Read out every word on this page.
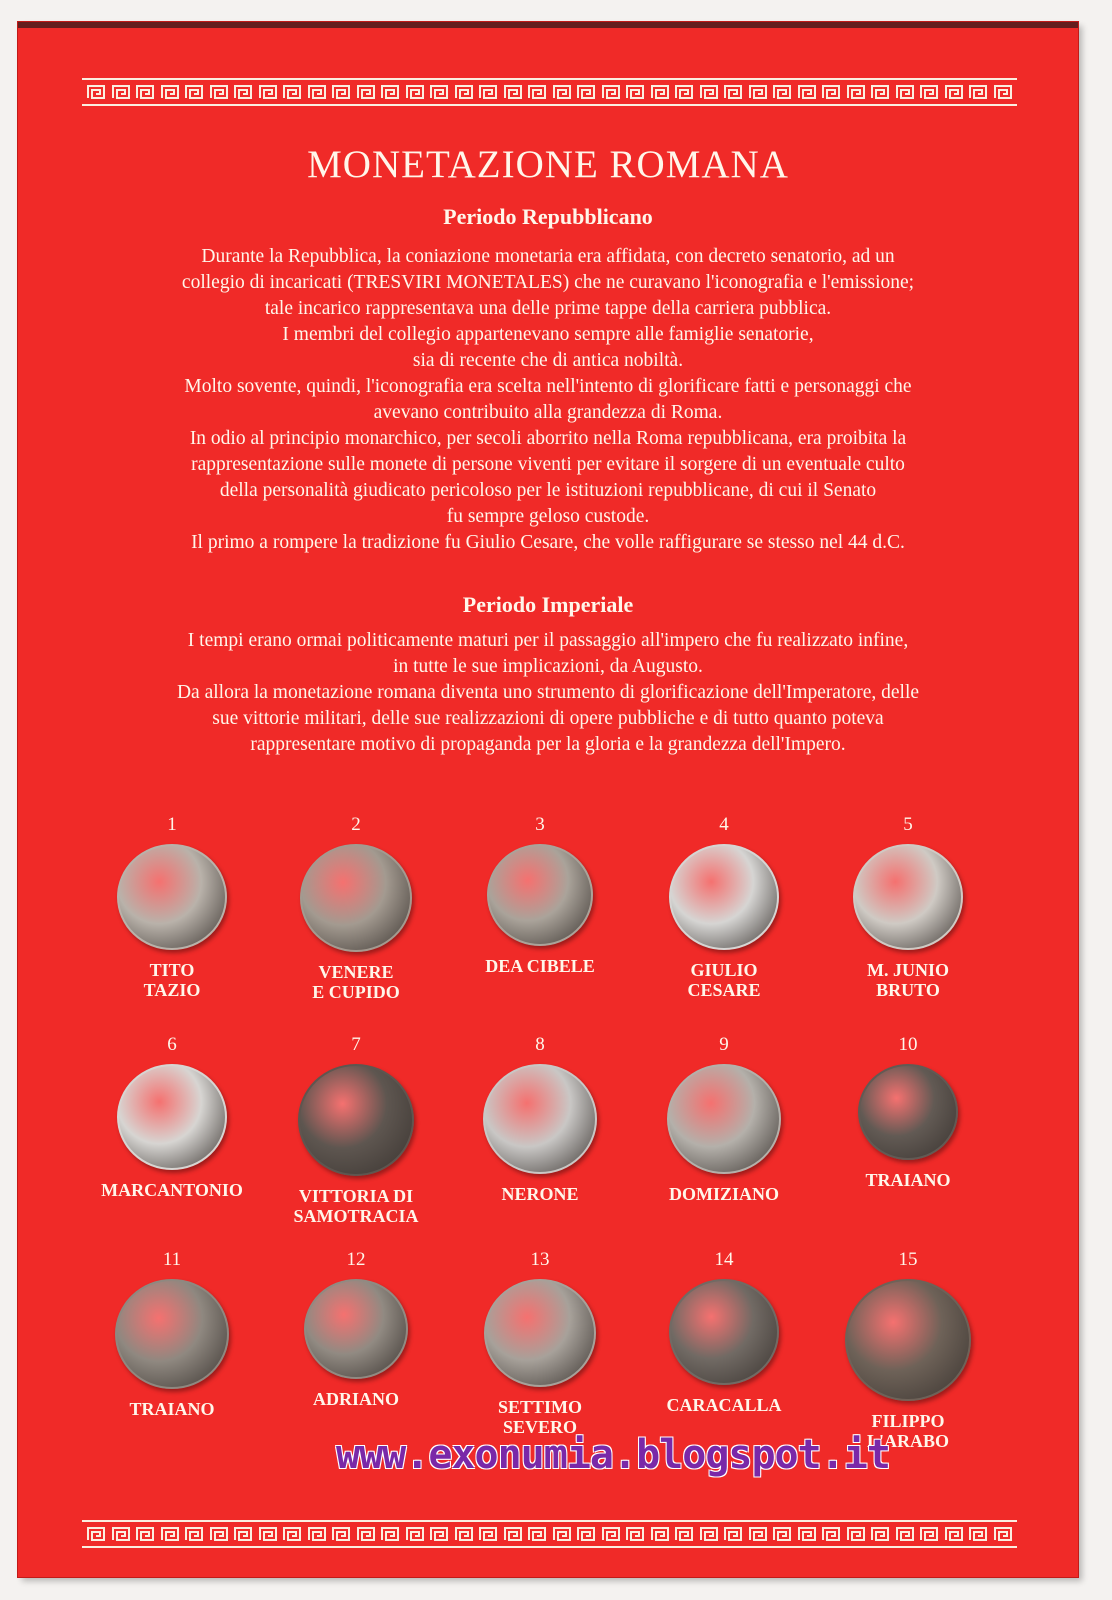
MONETAZIONE ROMANA
Periodo Repubblicano
Durante la Repubblica, la coniazione monetaria era affidata, con decreto senatorio, ad un
collegio di incaricati (TRESVIRI MONETALES) che ne curavano l'iconografia e l'emissione;
tale incarico rappresentava una delle prime tappe della carriera pubblica.
I membri del collegio appartenevano sempre alle famiglie senatorie,
sia di recente che di antica nobiltà.
Molto sovente, quindi, l'iconografia era scelta nell'intento di glorificare fatti e personaggi che
avevano contribuito alla grandezza di Roma.
In odio al principio monarchico, per secoli aborrito nella Roma repubblicana, era proibita la
rappresentazione sulle monete di persone viventi per evitare il sorgere di un eventuale culto
della personalità giudicato pericoloso per le istituzioni repubblicane, di cui il Senato
fu sempre geloso custode.
Il primo a rompere la tradizione fu Giulio Cesare, che volle raffigurare se stesso nel 44 d.C.
Periodo Imperiale
I tempi erano ormai politicamente maturi per il passaggio all'impero che fu realizzato infine,
in tutte le sue implicazioni, da Augusto.
Da allora la monetazione romana diventa uno strumento di glorificazione dell'Imperatore, delle
sue vittorie militari, delle sue realizzazioni di opere pubbliche e di tutto quanto poteva
rappresentare motivo di propaganda per la gloria e la grandezza dell'Impero.
1
TITO
TAZIO
2
VENERE
E CUPIDO
3
DEA CIBELE
4
GIULIO
CESARE
5
M. JUNIO
BRUTO
6
MARCANTONIO
7
VITTORIA DI
SAMOTRACIA
8
NERONE
9
DOMIZIANO
10
TRAIANO
11
TRAIANO
12
ADRIANO
13
SETTIMO
SEVERO
14
CARACALLA
15
FILIPPO
L'ARABO
www.exonumia.blogspot.it
